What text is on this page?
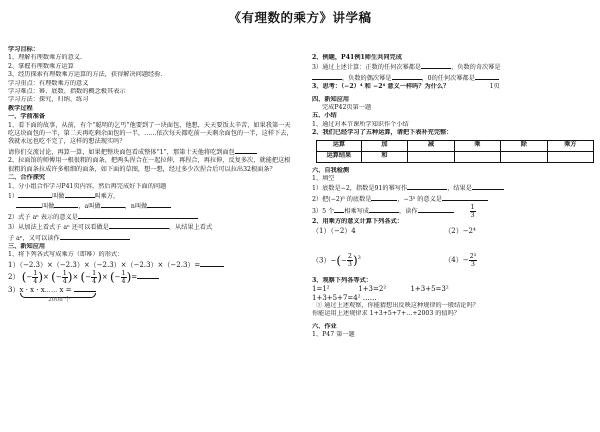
《有理数的乘方》讲学稿
学习目标：
1、理解有理数乘方的意义.
2、掌握有理数乘方运算
3、经历探索有理数乘方运算的方法，获得解决问题经验.
学习重点：有理数乘方的意义
学习难点：幂、底数、指数的概念极其表示
学习方法：探究，归纳、练习
教学过程
一、学前准备
1、看下面的故事，从前，有个“聪明的乞丐”他要到了一块面包，他想，天天要饭太辛苦，如果我第一天吃这块面包的一半，第二天再吃剩余面包的一半，……依次每天都吃前一天剩余面包的一半，这样下去，我就永远也吃不完了，这样的想法现实吗？
请你们交流讨论，再算一算，如果把整块面包看成整体“1”，那第十天他将吃到面包
2、拉面馆的师傅用一根很粗的面条，把两头捏合在一起拉伸，再捏合，再拉伸，反复多次，就能把这根很粗的面条拉成许多根细的面条，如下面的草图，想一想，经过多少次捏合后可以拉出32根面条？
二、合作探究
1、分小组合作学习P41页内容，然后再完成好下面的问题
1）	叫做	叫乘方，
叫做	，a叫做	，n叫做
2）式子 aⁿ 表示的意义是
3）从加法上看式子 aⁿ 还可以看做是	，从结果上看式
子 aⁿ，又可以读作
三、新知应用
1、将下列各式写成乘方（即幂）的形式：
1）（−2.3）×（−2.3）×（−2.3）×（−2.3）×（−2.3）=
2） (− $\frac{1}{4}$ )× (− $\frac{1}{4}$ )× (− $\frac{1}{4}$ )× (− $\frac{1}{4}$ )=
3）x · x · x⋯⋯ x =
2008 个
2、例题，P41例1师生共同完成
3）通过上述计算：正数的任何次幂都是	，负数的奇次幂是
，负数的偶次幂是	，0的任何次幂都是
3、思考：（−2）⁴ 和 −2⁴ 意义一样吗？为什么？	1页
四、新知应用
完成P42页第一题
五、小结
1、通过对本节课所学知识作个小结
2、我们已经学习了五种运算，请把下表补充完整：
运算	加	减	乘	除	乘方
运算结果	和				
六、自我检测
1、填空
1）底数是−2，指数是91的幂写作	，结果是
2）把(−2)⁵ 的底数是	，−3⁵ 的意义是
3）5 个 相乘写成	，读作	$\frac{1}{3}$
2、用乘方的意义计算下列各式：
（1）（−2）4	（2）−2⁴
$(3)-(- \frac{2}{3} )^3$	$(4)- \frac{\text{2³}}{3}$
3、观察下列各等式：
1=1²	1+3=2²	1+3+5=3²
1+3+5+7=4² ……
① 通过上述观察，你能猜想出反映这种规律的一般结论吗？
你能运用上述规律求 1+3+5+7+…+2003 的值吗？
六、作业
1、P47 第一题
